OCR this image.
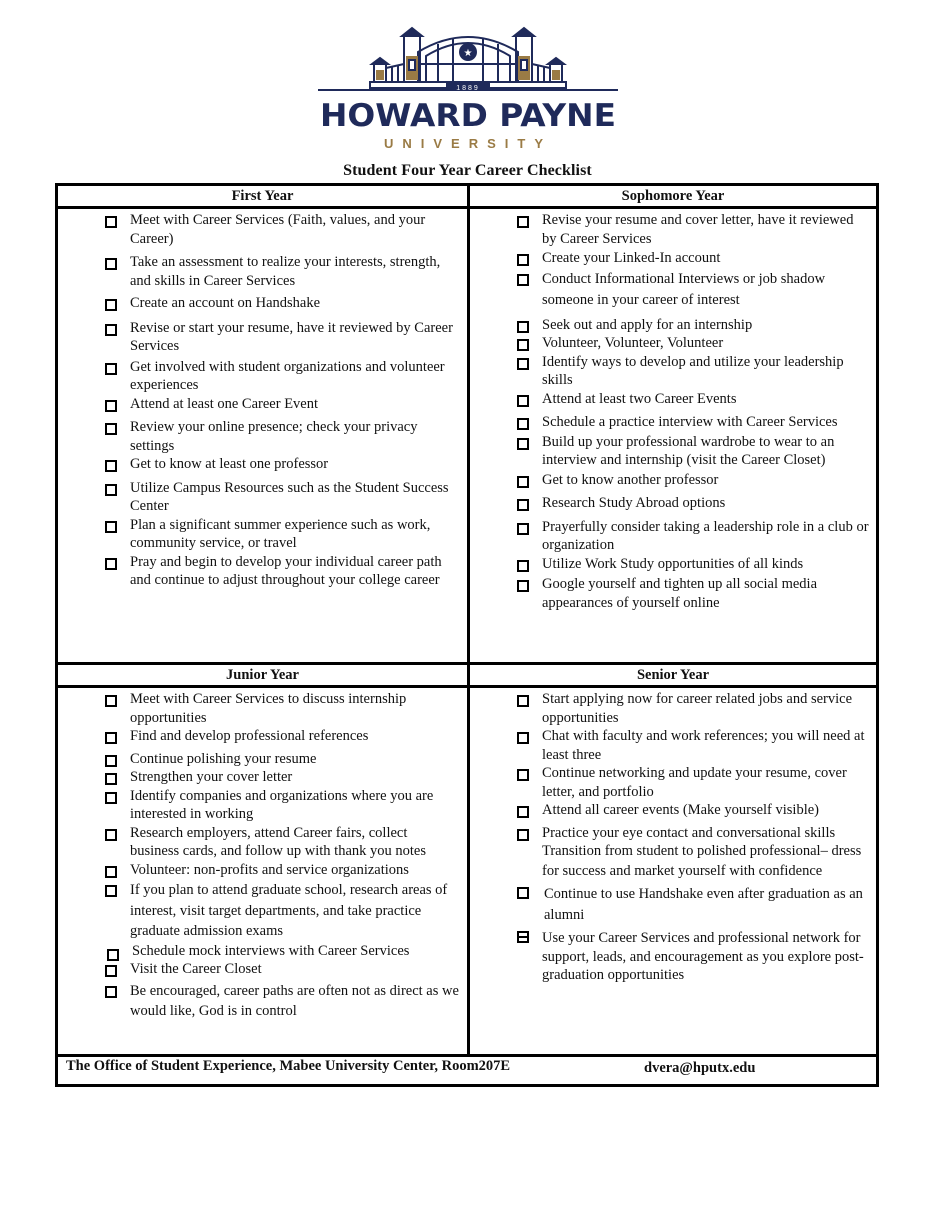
★
1889
HOWARD PAYNE
UNIVERSITY
Student Four Year Career Checklist
First Year	Sophomore Year
Junior Year	Senior Year
Meet with Career Services (Faith, values, and your Career)
Take an assessment to realize your interests, strength, and skills in Career Services
Create an account on Handshake
Revise or start your resume, have it reviewed by Career Services
Get involved with student organizations and volunteer experiences
Attend at least one Career Event
Review your online presence; check your privacy settings
Get to know at least one professor
Utilize Campus Resources such as the Student Success Center
Plan a significant summer experience such as work, community service, or travel
Pray and begin to develop your individual career path and continue to adjust throughout your college career
Revise your resume and cover letter, have it reviewed by Career Services
Create your Linked-In account
Conduct Informational Interviews or job shadow someone in your career of interest
Seek out and apply for an internship
Volunteer, Volunteer, Volunteer
Identify ways to develop and utilize your leadership skills
Attend at least two Career Events
Schedule a practice interview with Career Services
Build up your professional wardrobe to wear to an interview and internship (visit the Career Closet)
Get to know another professor
Research Study Abroad options
Prayerfully consider taking a leadership role in a club or organization
Utilize Work Study opportunities of all kinds
Google yourself and tighten up all social media appearances of yourself online
Meet with Career Services to discuss internship opportunities
Find and develop professional references
Continue polishing your resume
Strengthen your cover letter
Identify companies and organizations where you are interested in working
Research employers, attend Career fairs, collect business cards, and follow up with thank you notes
Volunteer: non-profits and service organizations
If you plan to attend graduate school, research areas of interest, visit target departments, and take practice graduate admission exams
Schedule mock interviews with Career Services
Visit the Career Closet
Be encouraged, career paths are often not as direct as we would like, God is in control
Start applying now for career related jobs and service opportunities
Chat with faculty and work references; you will need at least three
Continue networking and update your resume, cover letter, and portfolio
Attend all career events (Make yourself visible)
Practice your eye contact and conversational skills
Transition from student to polished professional– dress for success and market yourself with confidence
Continue to use Handshake even after graduation as an alumni
Use your Career Services and professional network for support, leads, and encouragement as you explore post-graduation opportunities
The Office of Student Experience, Mabee University Center, Room207E	dvera@hputx.edu
